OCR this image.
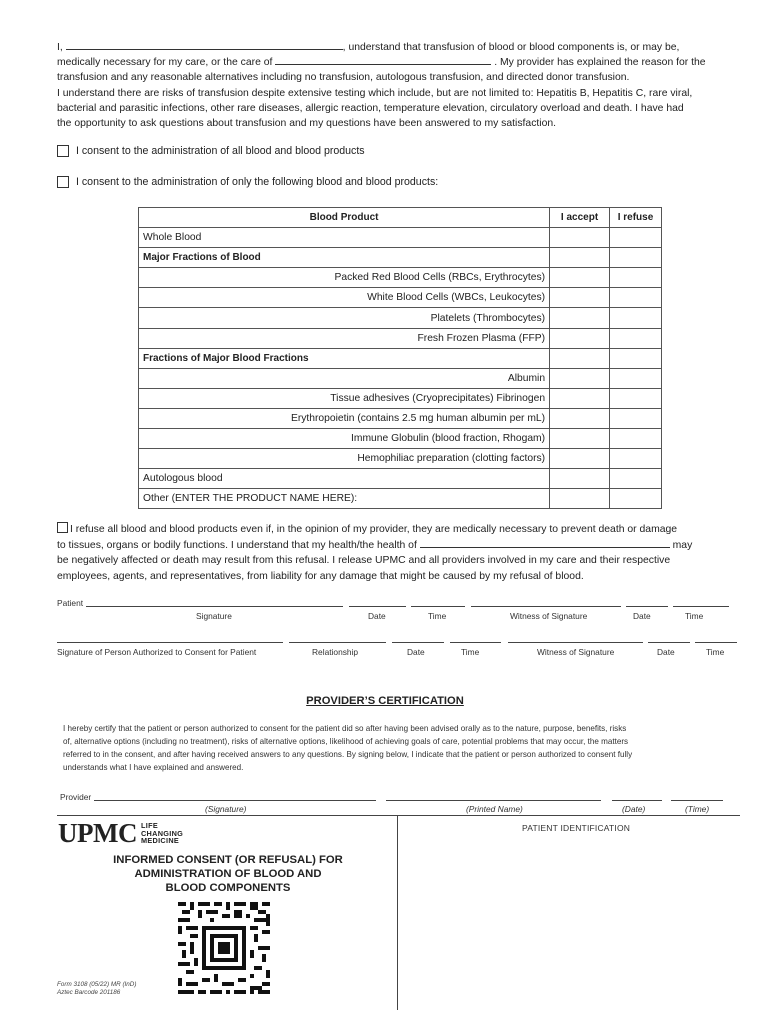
I,	, understand that transfusion of blood or blood components is, or may be,

medically necessary for my care, or the care of	. My provider has explained the reason for the

transfusion and any reasonable alternatives including no transfusion, autologous transfusion, and directed donor transfusion.

I understand there are risks of transfusion despite extensive testing which include, but are not limited to: Hepatitis B, Hepatitis C, rare viral,

bacterial and parasitic infections, other rare diseases, allergic reaction, temperature elevation, circulatory overload and death. I have had

the opportunity to ask questions about transfusion and my questions have been answered to my satisfaction.

I consent to the administration of all blood and blood products
I consent to the administration of only the following blood and blood products:
Blood Product	I accept	I refuse
Whole Blood		
Major Fractions of Blood		
Packed Red Blood Cells (RBCs, Erythrocytes)		
White Blood Cells (WBCs, Leukocytes)		
Platelets (Thrombocytes)		
Fresh Frozen Plasma (FFP)		
Fractions of Major Blood Fractions		
Albumin		
Tissue adhesives (Cryoprecipitates) Fibrinogen		
Erythropoietin (contains 2.5 mg human albumin per mL)		
Immune Globulin (blood fraction, Rhogam)		
Hemophiliac preparation (clotting factors)		
Autologous blood		
Other (ENTER THE PRODUCT NAME HERE):		
I refuse all blood and blood products even if, in the opinion of my provider, they are medically necessary to prevent death or damage
to tissues, organs or bodily functions. I understand that my health/the health of	may
be negatively affected or death may result from this refusal. I release UPMC and all providers involved in my care and their respective
employees, agents, and representatives, from liability for any damage that might be caused by my refusal of blood.
Patient
Signature	Date	Time	Witness of Signature	Date	Time
Signature of Person Authorized to Consent for Patient	Relationship	Date	Time	Witness of Signature	Date	Time
PROVIDER’S CERTIFICATION
I hereby certify that the patient or person authorized to consent for the patient did so after having been advised orally as to the nature, purpose, benefits, risks
of, alternative options (including no treatment), risks of alternative options, likelihood of achieving goals of care, potential problems that may occur, the matters
referred to in the consent, and after having received answers to any questions. By signing below, I indicate that the patient or person authorized to consent fully
understands what I have explained and answered.
Provider
(Signature)	(Printed Name)	(Date)	(Time)
UPMC LIFE
CHANGING
MEDICINE
INFORMED CONSENT (OR REFUSAL) FOR
ADMINISTRATION OF BLOOD AND
BLOOD COMPONENTS
Form 3108 (05/22) MR (InD)
Aztec Barcode 201186
PATIENT IDENTIFICATION
